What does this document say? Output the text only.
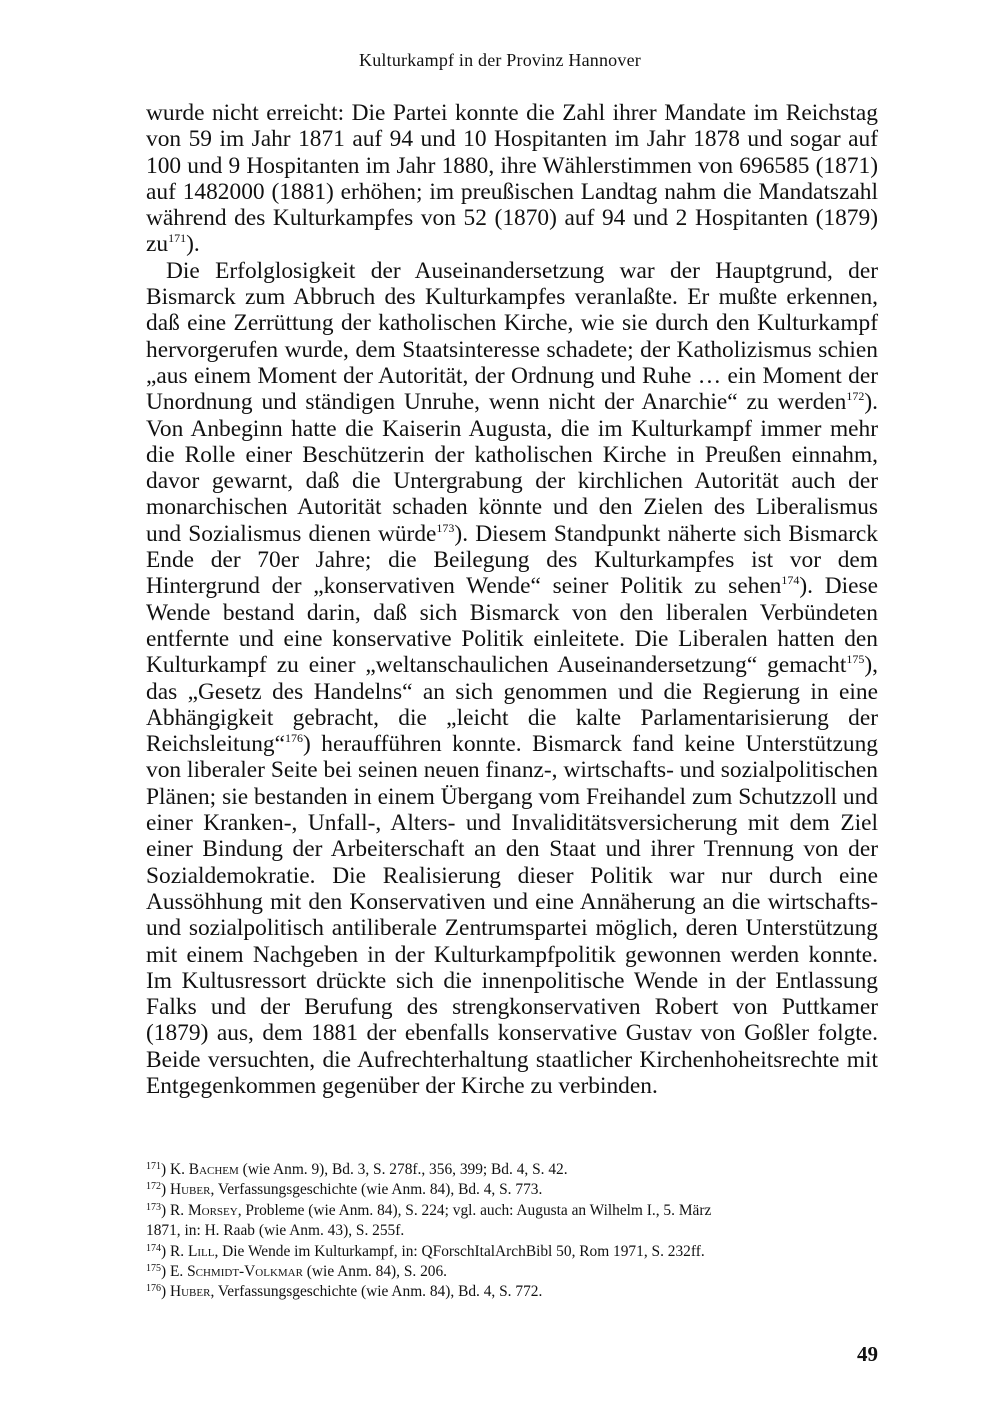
Kulturkampf in der Provinz Hannover

wurde nicht erreicht: Die Partei konnte die Zahl ihrer Mandate im Reichstag von 59 im Jahr 1871 auf 94 und 10 Hospitanten im Jahr 1878 und sogar auf 100 und 9 Hospitanten im Jahr 1880, ihre Wählerstimmen von 696585 (1871) auf 1482000 (1881) erhöhen; im preußischen Landtag nahm die Mandatszahl während des Kulturkampfes von 52 (1870) auf 94 und 2 Hospitanten (1879) $zu^{171}$).

Die Erfolglosigkeit der Auseinandersetzung war der Hauptgrund, der Bismarck zum Abbruch des Kulturkampfes veranlaßte. Er mußte erkennen, daß eine Zerrüttung der katholischen Kirche, wie sie durch den Kulturkampf hervorgerufen wurde, dem Staatsinteresse schadete; der Katholizismus schien „aus einem Moment der Autorität, der Ordnung und Ruhe … ein Moment der Unordnung und ständigen Unruhe, wenn nicht der Anarchie“ zu werden$^{172}$). Von Anbeginn hatte die Kaiserin Augusta, die im Kulturkampf immer mehr die Rolle einer Beschützerin der katholischen Kirche in Preußen einnahm, davor gewarnt, daß die Untergrabung der kirchlichen Autorität auch der monarchischen Autorität schaden könnte und den Zielen des Liberalismus und Sozialismus dienen würde$^{173}$). Diesem Standpunkt näherte sich Bismarck Ende der 70er Jahre; die Beilegung des Kulturkampfes ist vor dem Hintergrund der „konservativen Wende“ seiner Politik zu sehen$^{174}$). Diese Wende bestand darin, daß sich Bismarck von den liberalen Verbündeten entfernte und eine konservative Politik einleitete. Die Liberalen hatten den Kulturkampf zu einer „weltanschaulichen Auseinandersetzung“ gemacht$^{175}$), das „Gesetz des Handelns“ an sich genommen und die Regierung in eine Abhängigkeit gebracht, die „leicht die kalte Parlamentarisierung der Reichsleitung“$^{176}$) heraufführen konnte. Bismarck fand keine Unterstützung von liberaler Seite bei seinen neuen finanz-, wirtschafts- und sozialpolitischen Plänen; sie bestanden in einem Übergang vom Freihandel zum Schutzzoll und einer Kranken-, Unfall-, Alters- und Invaliditätsversicherung mit dem Ziel einer Bindung der Arbeiterschaft an den Staat und ihrer Trennung von der Sozialdemokratie. Die Realisierung dieser Politik war nur durch eine Aussöhhung mit den Konservativen und eine Annäherung an die wirtschafts- und sozialpolitisch antiliberale Zentrumspartei möglich, deren Unterstützung mit einem Nachgeben in der Kulturkampfpolitik gewonnen werden konnte. Im Kultusressort drückte sich die innenpolitische Wende in der Entlassung Falks und der Berufung des strengkonservativen Robert von Puttkamer (1879) aus, dem 1881 der ebenfalls konservative Gustav von Goßler folgte. Beide versuchten, die Aufrechterhaltung staatlicher Kirchenhoheitsrechte mit Entgegenkommen gegenüber der Kirche zu verbinden.

$^{171}$) K. Bachem (wie Anm. 9), Bd. 3, S. 278f., 356, 399; Bd. 4, S. 42.

$^{172}$) Huber, Verfassungsgeschichte (wie Anm. 84), Bd. 4, S. 773.

$^{173}$) R. Morsey, Probleme (wie Anm. 84), S. 224; vgl. auch: Augusta an Wilhelm I., 5. März
1871, in: H. Raab (wie Anm. 43), S. 255f.

$^{174}$) R. Lill, Die Wende im Kulturkampf, in: QForschItalArchBibl 50, Rom 1971, S. 232ff.

$^{175}$) E. Schmidt-Volkmar (wie Anm. 84), S. 206.

$^{176}$) Huber, Verfassungsgeschichte (wie Anm. 84), Bd. 4, S. 772.

49
